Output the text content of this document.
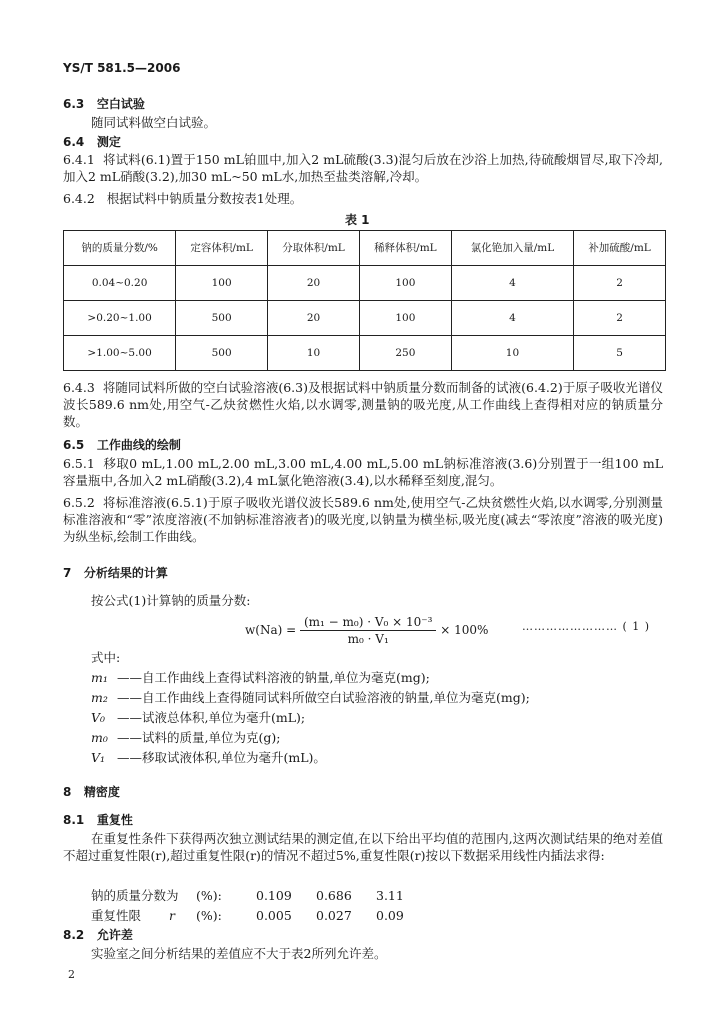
YS/T 581.5—2006
6.3 空白试验
随同试料做空白试验。
6.4 测定
6.4.1 将试料(6.1)置于150 mL铂皿中,加入2 mL硫酸(3.3)混匀后放在沙浴上加热,待硫酸烟冒尽,取下冷却,加入2 mL硝酸(3.2),加30 mL~50 mL水,加热至盐类溶解,冷却。
6.4.2 根据试料中钠质量分数按表1处理。
表 1
钠的质量分数/%	定容体积/mL	分取体积/mL	稀释体积/mL	氯化铯加入量/mL	补加硫酸/mL
0.04~0.20	100	20	100	4	2
>0.20~1.00	500	20	100	4	2
>1.00~5.00	500	10	250	10	5
6.4.3 将随同试料所做的空白试验溶液(6.3)及根据试料中钠质量分数而制备的试液(6.4.2)于原子吸收光谱仪波长589.6 nm处,用空气-乙炔贫燃性火焰,以水调零,测量钠的吸光度,从工作曲线上查得相对应的钠质量分数。
6.5 工作曲线的绘制
6.5.1 移取0 mL,1.00 mL,2.00 mL,3.00 mL,4.00 mL,5.00 mL钠标准溶液(3.6)分别置于一组100 mL容量瓶中,各加入2 mL硝酸(3.2),4 mL氯化铯溶液(3.4),以水稀释至刻度,混匀。
6.5.2 将标准溶液(6.5.1)于原子吸收光谱仪波长589.6 nm处,使用空气-乙炔贫燃性火焰,以水调零,分别测量标准溶液和“零”浓度溶液(不加钠标准溶液者)的吸光度,以钠量为横坐标,吸光度(减去“零浓度”溶液的吸光度)为纵坐标,绘制工作曲线。
7 分析结果的计算
按公式(1)计算钠的质量分数:
$w(Na) = \frac{\text{(m₁ − m₀) · V₀ × 10⁻³}}{\text{m₀ · V₁}} \times 100\%$	…………………… ( 1 )
式中:
m₁ ——自工作曲线上查得试料溶液的钠量,单位为毫克(mg);
m₂ ——自工作曲线上查得随同试料所做空白试验溶液的钠量,单位为毫克(mg);
V₀ ——试液总体积,单位为毫升(mL);
m₀ ——试料的质量,单位为克(g);
V₁ ——移取试液体积,单位为毫升(mL)。
8 精密度
8.1 重复性
在重复性条件下获得两次独立测试结果的测定值,在以下给出平均值的范围内,这两次测试结果的绝对差值不超过重复性限(r),超过重复性限(r)的情况不超过5%,重复性限(r)按以下数据采用线性内插法求得:
钠的质量分数为 (%):	0.109 0.686 3.11
重复性限 r (%):	0.005 0.027 0.09
8.2 允许差
实验室之间分析结果的差值应不大于表2所列允许差。
2
